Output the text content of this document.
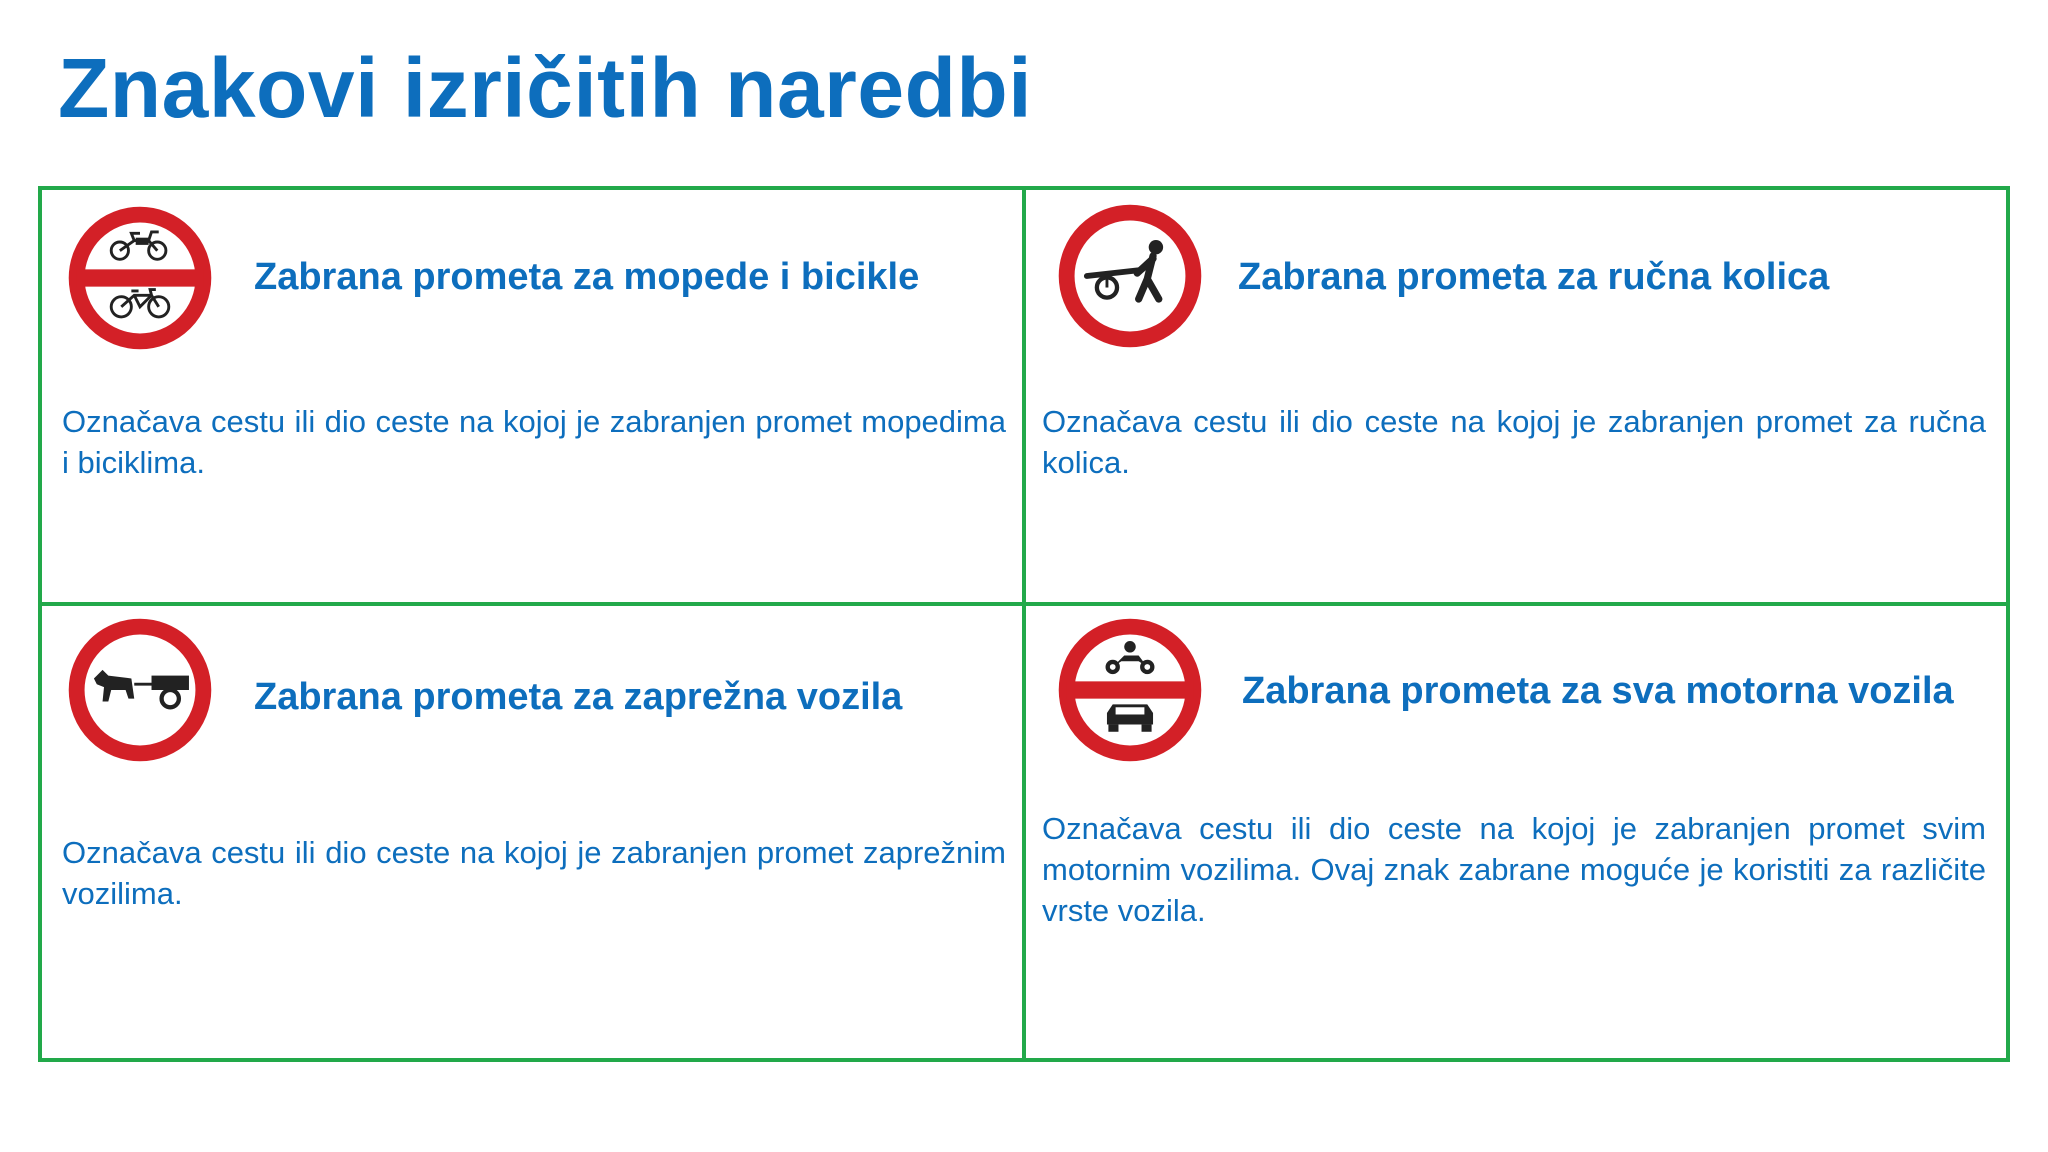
Znakovi izričitih naredbi
Zabrana prometa za mopede i bicikle

Označava cestu ili dio ceste na kojoj je zabranjen promet mopedima i biciklima.

Zabrana prometa za ručna kolica

Označava cestu ili dio ceste na kojoj je zabranjen promet za ručna kolica.

Zabrana prometa za zaprežna vozila

Označava cestu ili dio ceste na kojoj je zabranjen promet zaprežnim vozilima.

Zabrana prometa za sva motorna vozila

Označava cestu ili dio ceste na kojoj je zabranjen promet svim motornim vozilima. Ovaj znak zabrane moguće je koristiti za različite vrste vozila.
